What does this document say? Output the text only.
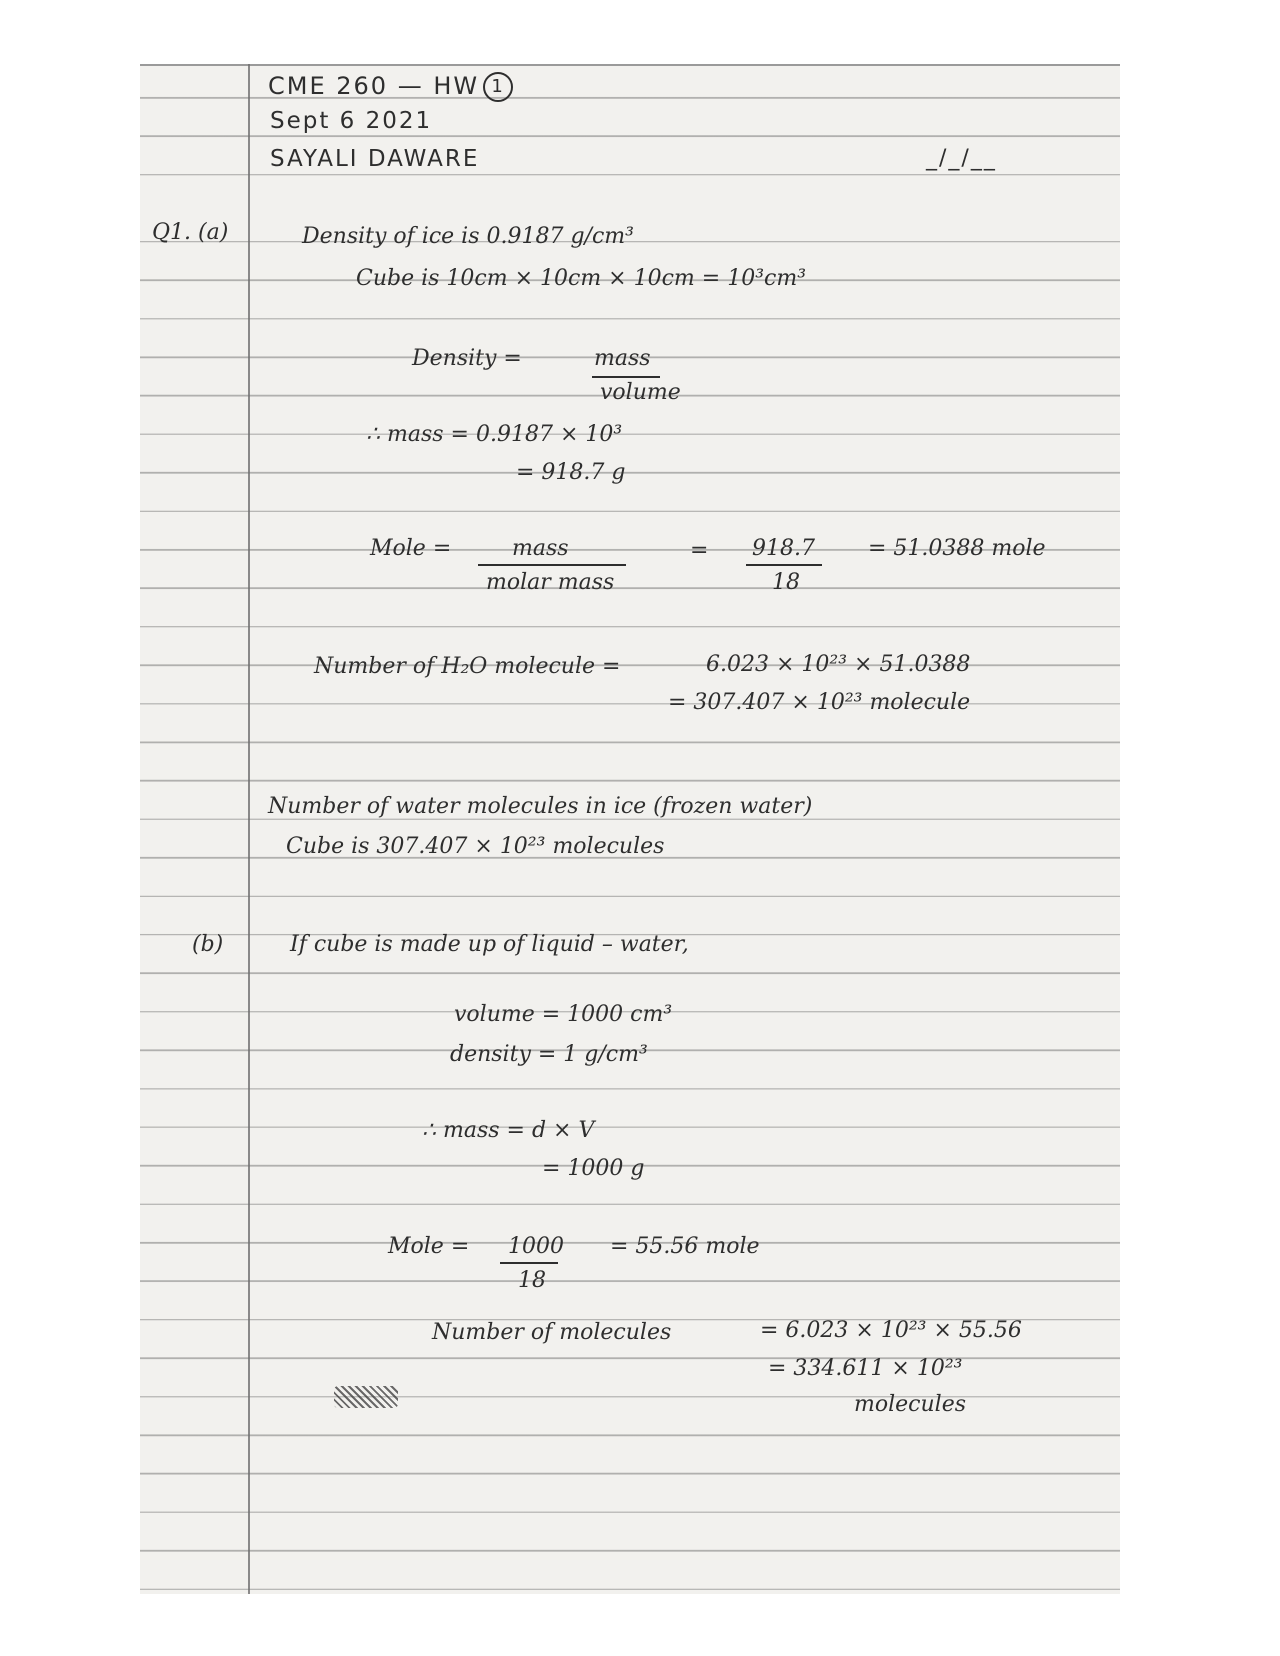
CME 260 — HW 1
Sept 6 2021
SAYALI DAWARE	_/_/__
Q1. (a)	Density of ice is 0.9187 g/cm³
Cube is 10cm × 10cm × 10cm = 10³cm³
Density =	mass
volume
∴ mass = 0.9187 × 10³
= 918.7 g
Mole =	mass
molar mass
= 918.7
18
= 51.0388 mole
Number of H₂O molecule =	6.023 × 10²³ × 51.0388
= 307.407 × 10²³ molecule
Number of water molecules in ice (frozen water)
Cube is 307.407 × 10²³ molecules
(b)	If cube is made up of liquid – water,
volume = 1000 cm³
density = 1 g/cm³
∴ mass = d × V
= 1000 g
Mole = 1000
18
= 55.56 mole
Number of molecules	= 6.023 × 10²³ × 55.56
= 334.611 × 10²³
molecules
